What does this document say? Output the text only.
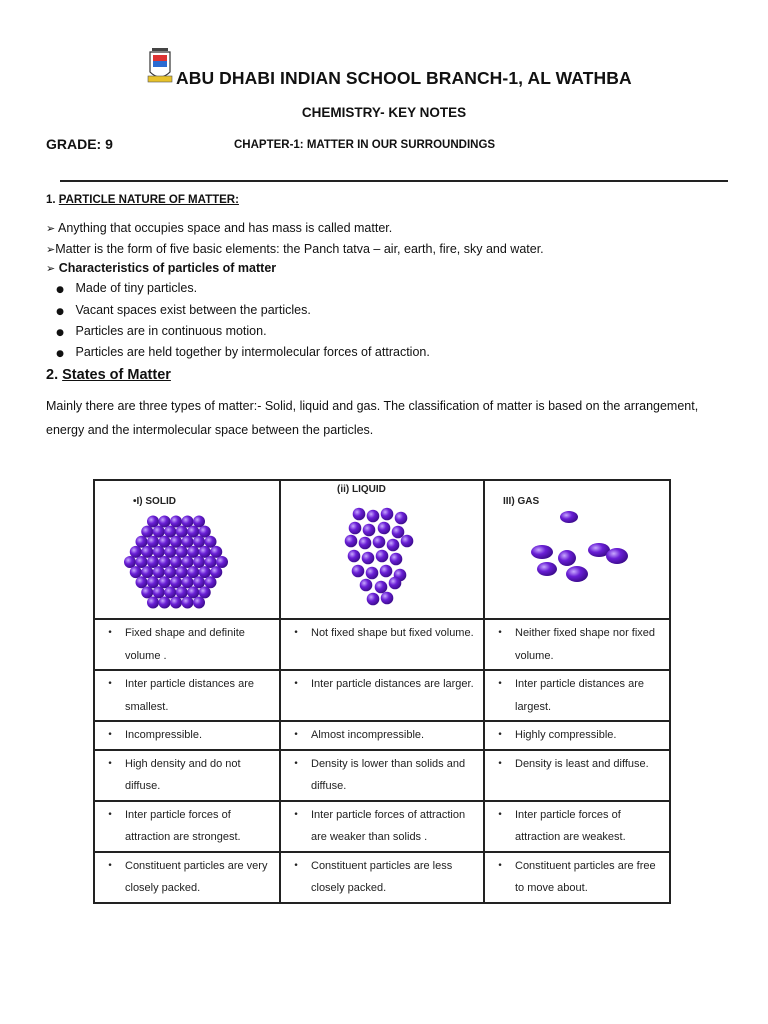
ABU DHABI INDIAN SCHOOL BRANCH-1, AL WATHBA
CHEMISTRY- KEY NOTES
GRADE: 9	CHAPTER-1: MATTER IN OUR SURROUNDINGS
1. PARTICLE NATURE OF MATTER:
➢ Anything that occupies space and has mass is called matter.
➢Matter is the form of five basic elements: the Panch tatva – air, earth, fire, sky and water.
➢ Characteristics of particles of matter
● Made of tiny particles.
● Vacant spaces exist between the particles.
● Particles are in continuous motion.
● Particles are held together by intermolecular forces of attraction.
2. States of Matter
Mainly there are three types of matter:- Solid, liquid and gas. The classification of matter is based on the arrangement, energy and the intermolecular space between the particles.
•I) SOLID	(ii) LIQUID	III) GAS

• Fixed shape and definite volume .	• Not fixed shape but fixed volume.	• Neither fixed shape nor fixed volume.

• Inter particle distances are smallest.	• Inter particle distances are larger.	• Inter particle distances are largest.

• Incompressible.	• Almost incompressible.	• Highly compressible.

• High density and do not diffuse.	• Density is lower than solids and diffuse.	• Density is least and diffuse.

• Inter particle forces of attraction are strongest.	• Inter particle forces of attraction are weaker than solids .	• Inter particle forces of attraction are weakest.

• Constituent particles are very closely packed.	• Constituent particles are less closely packed.	• Constituent particles are free to move about.
